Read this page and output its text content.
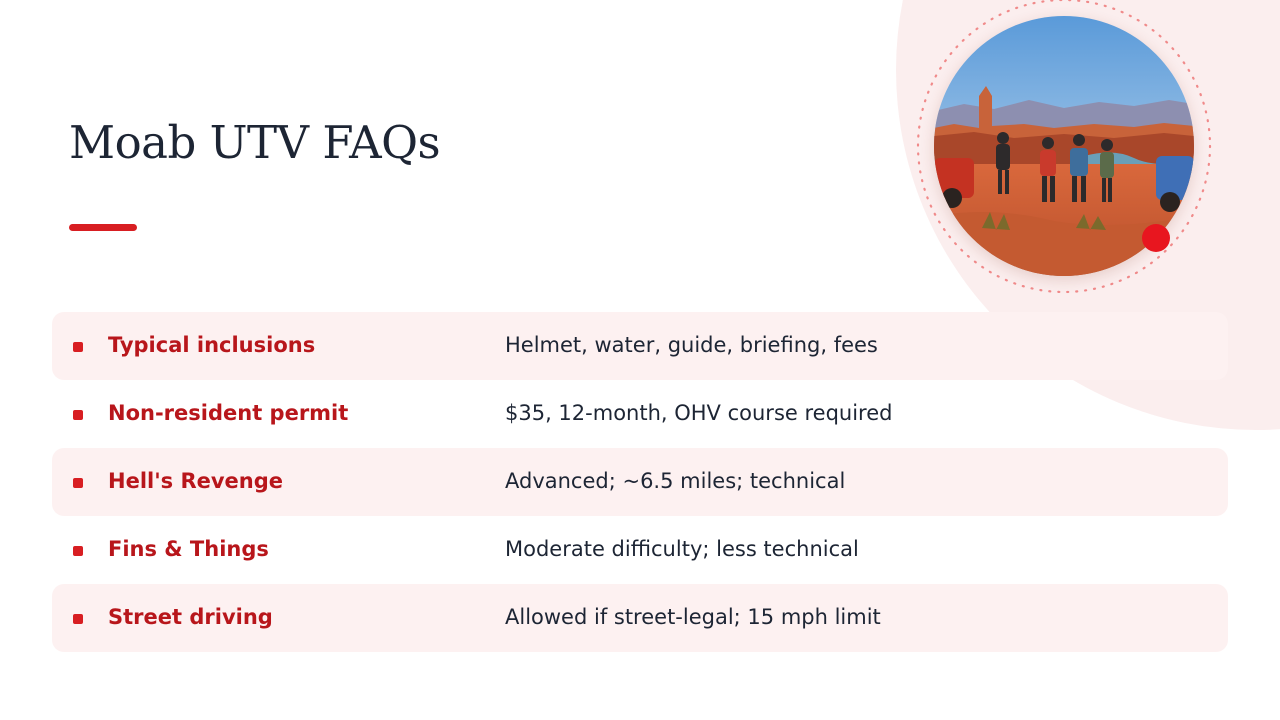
Moab UTV FAQs
Typical inclusions	Helmet, water, guide, briefing, fees
Non-resident permit	$35, 12-month, OHV course required
Hell's Revenge	Advanced; ~6.5 miles; technical
Fins & Things	Moderate difficulty; less technical
Street driving	Allowed if street-legal; 15 mph limit
